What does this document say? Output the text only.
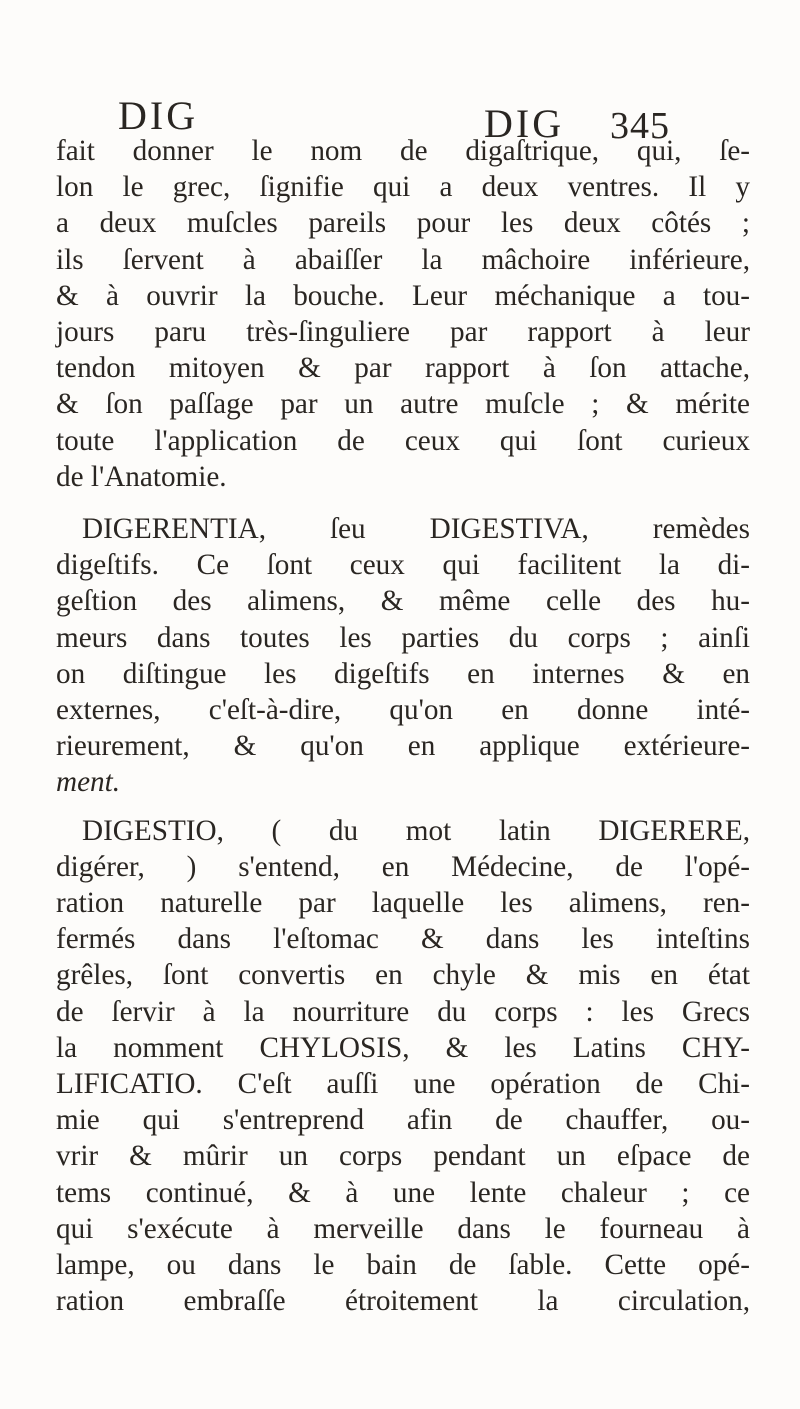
DIG	DIG 345
fait donner le nom de digaſtrique, qui, ſe-
lon le grec, ſignifie qui a deux ventres. Il y
a deux muſcles pareils pour les deux côtés ;
ils ſervent à abaiſſer la mâchoire inférieure,
& à ouvrir la bouche. Leur méchanique a tou-
jours paru très-ſinguliere par rapport à leur
tendon mitoyen & par rapport à ſon attache,
& ſon paſſage par un autre muſcle ; & mérite
toute l'application de ceux qui ſont curieux
de l'Anatomie.
DIGERENTIA, ſeu DIGESTIVA, remèdes
digeſtifs. Ce ſont ceux qui facilitent la di-
geſtion des alimens, & même celle des hu-
meurs dans toutes les parties du corps ; ainſi
on diſtingue les digeſtifs en internes & en
externes, c'eſt-à-dire, qu'on en donne inté-
rieurement, & qu'on en applique extérieure-
ment.
DIGESTIO, ( du mot latin DIGERERE,
digérer, ) s'entend, en Médecine, de l'opé-
ration naturelle par laquelle les alimens, ren-
fermés dans l'eſtomac & dans les inteſtins
grêles, ſont convertis en chyle & mis en état
de ſervir à la nourriture du corps : les Grecs
la nomment CHYLOSIS, & les Latins CHY-
LIFICATIO. C'eſt auſſi une opération de Chi-
mie qui s'entreprend afin de chauffer, ou-
vrir & mûrir un corps pendant un eſpace de
tems continué, & à une lente chaleur ; ce
qui s'exécute à merveille dans le fourneau à
lampe, ou dans le bain de ſable. Cette opé-
ration embraſſe étroitement la circulation,
